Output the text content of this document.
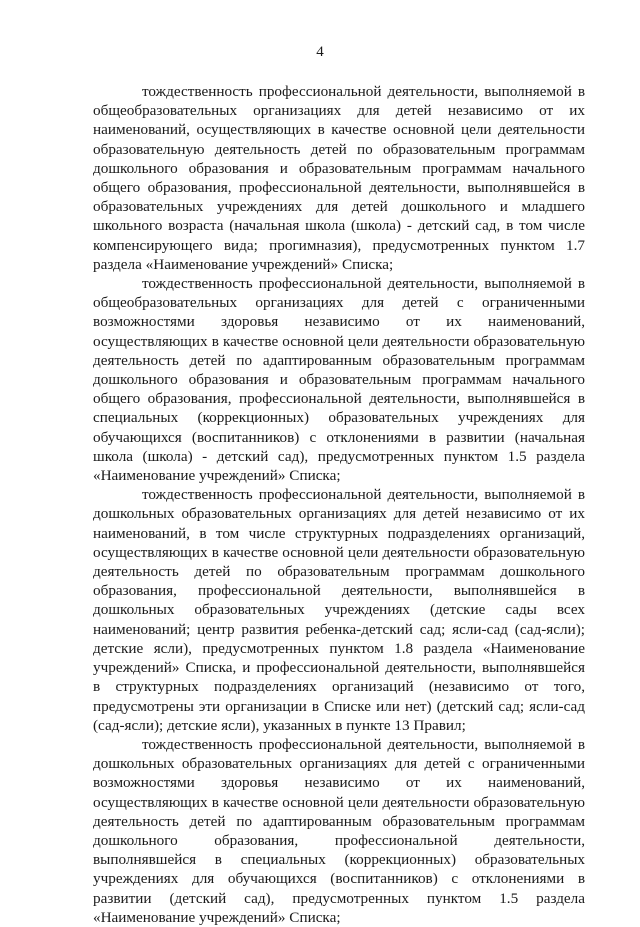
4

тождественность профессиональной деятельности, выполняемой в общеобразовательных организациях для детей независимо от их наименований, осуществляющих в качестве основной цели деятельности образовательную деятельность детей по образовательным программам дошкольного образования и образовательным программам начального общего образования, профессиональной деятельности, выполнявшейся в образовательных учреждениях для детей дошкольного и младшего школьного возраста (начальная школа (школа) - детский сад, в том числе компенсирующего вида; прогимназия), предусмотренных пунктом 1.7 раздела «Наименование учреждений» Списка;

тождественность профессиональной деятельности, выполняемой в общеобразовательных организациях для детей с ограниченными возможностями здоровья независимо от их наименований, осуществляющих в качестве основной цели деятельности образовательную деятельность детей по адаптированным образовательным программам дошкольного образования и образовательным программам начального общего образования, профессиональной деятельности, выполнявшейся в специальных (коррекционных) образовательных учреждениях для обучающихся (воспитанников) с отклонениями в развитии (начальная школа (школа) - детский сад), предусмотренных пунктом 1.5 раздела «Наименование учреждений» Списка;

тождественность профессиональной деятельности, выполняемой в дошкольных образовательных организациях для детей независимо от их наименований, в том числе структурных подразделениях организаций, осуществляющих в качестве основной цели деятельности образовательную деятельность детей по образовательным программам дошкольного образования, профессиональной деятельности, выполнявшейся в дошкольных образовательных учреждениях (детские сады всех наименований; центр развития ребенка-детский сад; ясли-сад (сад-ясли); детские ясли), предусмотренных пунктом 1.8 раздела «Наименование учреждений» Списка, и профессиональной деятельности, выполнявшейся в структурных подразделениях организаций (независимо от того, предусмотрены эти организации в Списке или нет) (детский сад; ясли-сад (сад-ясли); детские ясли), указанных в пункте 13 Правил;

тождественность профессиональной деятельности, выполняемой в дошкольных образовательных организациях для детей с ограниченными возможностями здоровья независимо от их наименований, осуществляющих в качестве основной цели деятельности образовательную деятельность детей по адаптированным образовательным программам дошкольного образования, профессиональной деятельности, выполнявшейся в специальных (коррекционных) образовательных учреждениях для обучающихся (воспитанников) с отклонениями в развитии (детский сад), предусмотренных пунктом 1.5 раздела «Наименование учреждений» Списка;
